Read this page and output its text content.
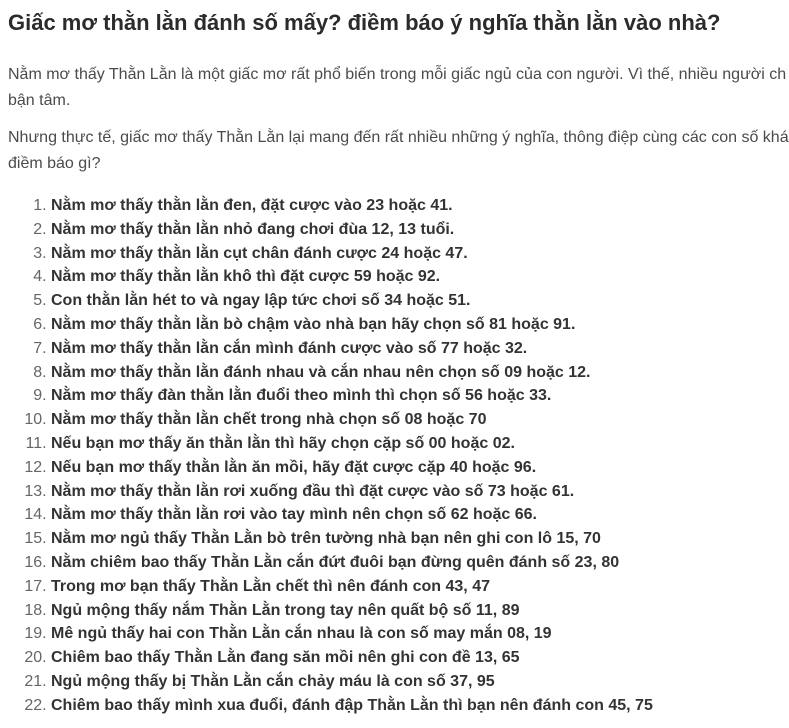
Giấc mơ thằn lằn đánh số mấy? điềm báo ý nghĩa thằn lằn vào nhà?

Nằm mơ thấy Thằn Lằn là một giấc mơ rất phổ biến trong mỗi giấc ngủ của con người. Vì thế, nhiều người ch
bận tâm.

Nhưng thực tế, giấc mơ thấy Thằn Lằn lại mang đến rất nhiều những ý nghĩa, thông điệp cùng các con số khá
điềm báo gì?

1. Nằm mơ thấy thằn lằn đen, đặt cược vào 23 hoặc 41.
2. Nằm mơ thấy thằn lằn nhỏ đang chơi đùa 12, 13 tuổi.
3. Nằm mơ thấy thằn lằn cụt chân đánh cược 24 hoặc 47.
4. Nằm mơ thấy thằn lằn khô thì đặt cược 59 hoặc 92.
5. Con thằn lằn hét to và ngay lập tức chơi số 34 hoặc 51.
6. Nằm mơ thấy thằn lằn bò chậm vào nhà bạn hãy chọn số 81 hoặc 91.
7. Nằm mơ thấy thằn lằn cắn mình đánh cược vào số 77 hoặc 32.
8. Nằm mơ thấy thằn lằn đánh nhau và cắn nhau nên chọn số 09 hoặc 12.
9. Nằm mơ thấy đàn thằn lằn đuổi theo mình thì chọn số 56 hoặc 33.
10. Nằm mơ thấy thằn lằn chết trong nhà chọn số 08 hoặc 70
11. Nếu bạn mơ thấy ăn thằn lằn thì hãy chọn cặp số 00 hoặc 02.
12. Nếu bạn mơ thấy thằn lằn ăn mồi, hãy đặt cược cặp 40 hoặc 96.
13. Nằm mơ thấy thằn lằn rơi xuống đầu thì đặt cược vào số 73 hoặc 61.
14. Nằm mơ thấy thằn lằn rơi vào tay mình nên chọn số 62 hoặc 66.
15. Nằm mơ ngủ thấy Thằn Lằn bò trên tường nhà bạn nên ghi con lô 15, 70
16. Nằm chiêm bao thấy Thằn Lằn cắn đứt đuôi bạn đừng quên đánh số 23, 80
17. Trong mơ bạn thấy Thằn Lằn chết thì nên đánh con 43, 47
18. Ngủ mộng thấy nắm Thằn Lằn trong tay nên quất bộ số 11, 89
19. Mê ngủ thấy hai con Thằn Lằn cắn nhau là con số may mắn 08, 19
20. Chiêm bao thấy Thằn Lằn đang săn mồi nên ghi con đề 13, 65
21. Ngủ mộng thấy bị Thằn Lằn cắn chảy máu là con số 37, 95
22. Chiêm bao thấy mình xua đuổi, đánh đập Thằn Lằn thì bạn nên đánh con 45, 75
